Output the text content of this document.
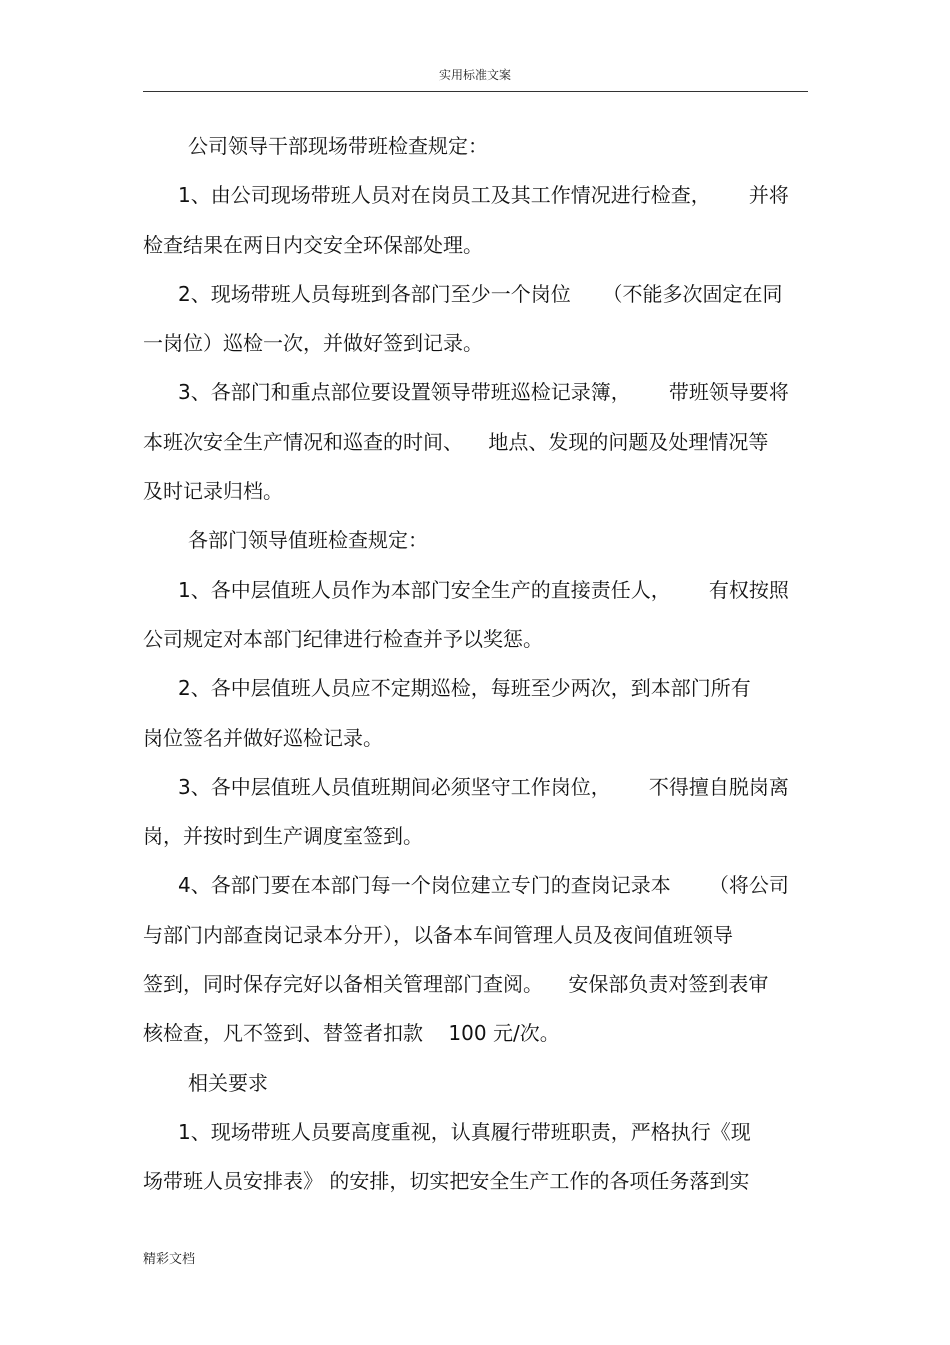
实用标准文案
公司领导干部现场带班检查规定：
1、由公司现场带班人员对在岗员工及其工作情况进行检查，      并将
检查结果在两日内交安全环保部处理。
2、现场带班人员每班到各部门至少一个岗位     （不能多次固定在同
一岗位）巡检一次，并做好签到记录。
3、各部门和重点部位要设置领导带班巡检记录簿，      带班领导要将
本班次安全生产情况和巡查的时间、    地点、发现的问题及处理情况等
及时记录归档。
各部门领导值班检查规定：
1、各中层值班人员作为本部门安全生产的直接责任人，      有权按照
公司规定对本部门纪律进行检查并予以奖惩。
2、各中层值班人员应不定期巡检，每班至少两次，到本部门所有
岗位签名并做好巡检记录。
3、各中层值班人员值班期间必须坚守工作岗位，      不得擅自脱岗离
岗，并按时到生产调度室签到。
4、各部门要在本部门每一个岗位建立专门的查岗记录本      （将公司
与部门内部查岗记录本分开），以备本车间管理人员及夜间值班领导
签到，同时保存完好以备相关管理部门查阅。    安保部负责对签到表审
核检查，凡不签到、替签者扣款    100 元/次。
相关要求
1、现场带班人员要高度重视，认真履行带班职责，严格执行《现
场带班人员安排表》 的安排，切实把安全生产工作的各项任务落到实
精彩文档
